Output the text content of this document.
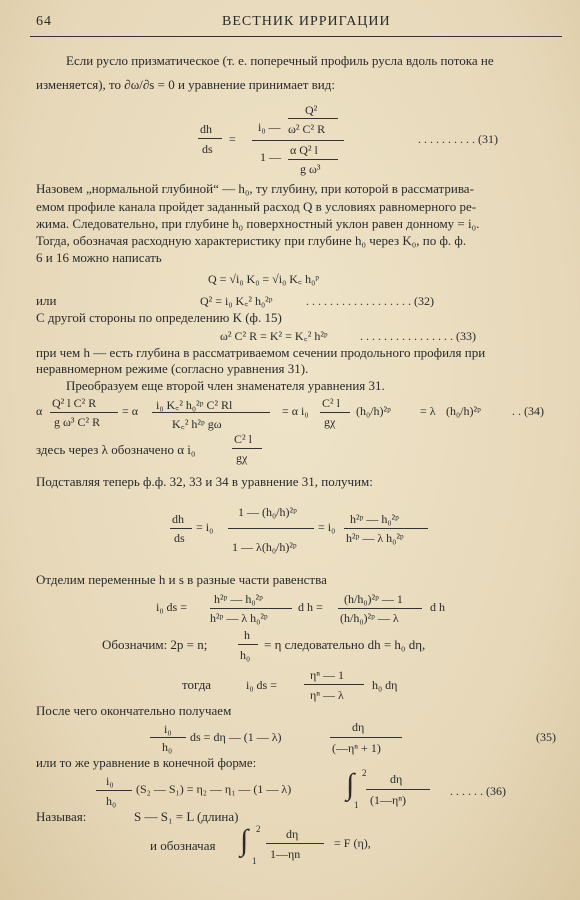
64	ВЕСТНИК ИРРИГАЦИИ
Если русло призматическое (т. е. поперечный профиль русла вдоль потока не
изменяется), то ∂ω/∂s = 0 и уравнение принимает вид:
dh
ds
=
i₀ —
Q²
ω² C² R
1 — α Q² l
g ω³
. . . . . . . . . . (31)
Назовем „нормальной глубиной“ — h₀, ту глубину, при которой в рассматрива-
емом профиле канала пройдет заданный расход Q в условиях равномерного ре-
жима. Следовательно, при глубине h₀ поверхностный уклон равен донному = i₀.
Тогда, обозначая расходную характеристику при глубине h₀ через K₀, по ф. ф.
6 и 16 можно написать
Q = √i₀ K₀ = √i₀ K꜀ h₀ᵖ
или	Q² = i₀ K꜀² h₀²ᵖ	. . . . . . . . . . . . . . . . . . (32)
С другой стороны по определению K (ф. 15)
ω² C² R = K² = K꜀² h²ᵖ	. . . . . . . . . . . . . . . . (33)
при чем h — есть глубина в рассматриваемом сечении продольного профиля при
неравномерном режиме (согласно уравнения 31).
Преобразуем еще второй член знаменателя уравнения 31.
α
Q² l C² R
g ω³ C² R
= α i₀ K꜀² h₀²ᵖ C² Rl
K꜀² h²ᵖ gω
= α i₀
C² l
gχ
(h₀/h)²ᵖ = λ (h₀/h)²ᵖ	. . (34)
здесь через λ обозначено α i₀
C² l
gχ
Подставляя теперь ф.ф. 32, 33 и 34 в уравнение 31, получим:
dh
ds
= i₀
1 — (h₀/h)²ᵖ
1 — λ(h₀/h)²ᵖ
= i₀
h²ᵖ — h₀²ᵖ
h²ᵖ — λ h₀²ᵖ
Отделим переменные h и s в разные части равенства
i₀ ds =
h²ᵖ — h₀²ᵖ
h²ᵖ — λ h₀²ᵖ
d h =
(h/h₀)²ᵖ — 1
(h/h₀)²ᵖ — λ
d h
Обозначим: 2p = n;
h
h₀
= η следовательно dh = h₀ dη,
тогда	i₀ ds =
ηⁿ — 1
ηⁿ — λ
h₀ dη
После чего окончательно получаем
i₀
h₀
ds = dη — (1 — λ)
dη
(—ηⁿ + 1)
(35)
или то же уравнение в конечной форме:
i₀
h₀
(S₂ — S₁) = η₂ — η₁ — (1 — λ) ∫ 2
1
dη
(1—ηⁿ)
. . . . . . (36)
Называя:	S — S₁ = L (длина)
и обозначая ∫ 2
1
dη
1—ηn
= F (η),
